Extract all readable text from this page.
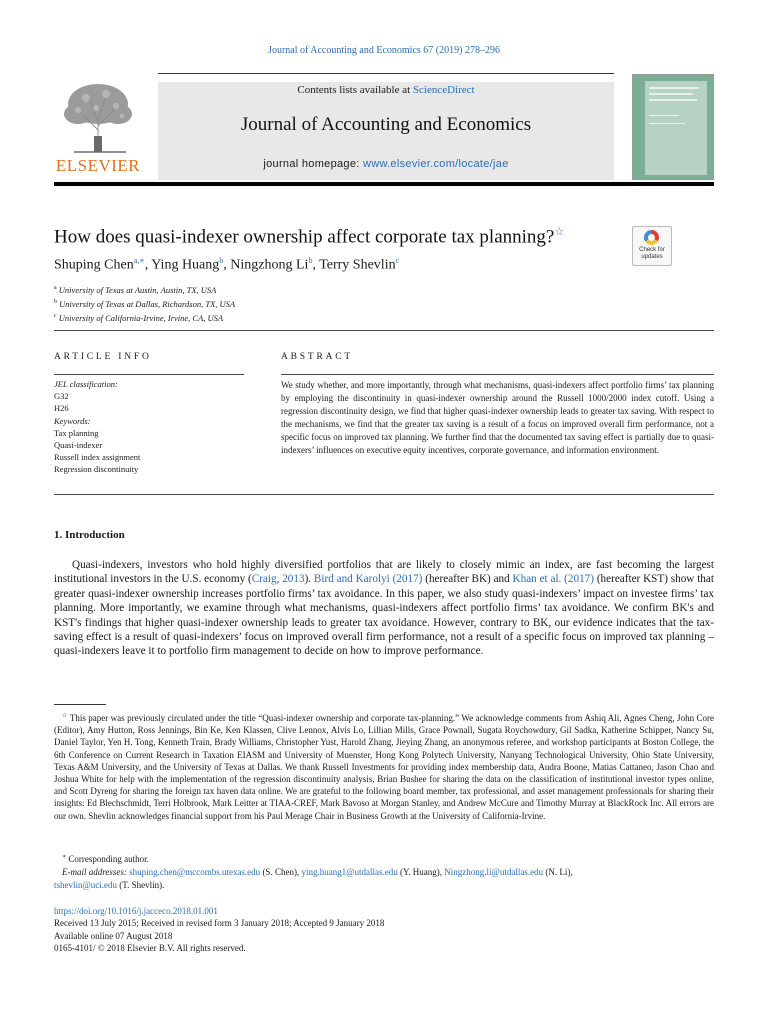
Journal of Accounting and Economics 67 (2019) 278–296
ELSEVIER
Contents lists available at ScienceDirect
Journal of Accounting and Economics
journal homepage: www.elsevier.com/locate/jae
How does quasi-indexer ownership affect corporate tax planning?☆
Check for updates
Shuping Chen$^{a,∗}$, Ying Huang$^b$, Ningzhong Li$^b$, Terry Shevlin$^c$
$^a$ University of Texas at Austin, Austin, TX, USA
$^b$ University of Texas at Dallas, Richardson, TX, USA
$^c$ University of California-Irvine, Irvine, CA, USA
ARTICLE INFO	ABSTRACT
JEL classification:
G32
H26
Keywords:
Tax planning
Quasi-indexer
Russell index assignment
Regression discontinuity
We study whether, and more importantly, through what mechanisms, quasi-indexers affect portfolio firms’ tax planning by employing the discontinuity in quasi-indexer ownership around the Russell 1000/2000 index cutoff. Using a regression discontinuity design, we find that higher quasi-indexer ownership leads to greater tax saving. With respect to the mechanisms, we find that the greater tax saving is a result of a focus on improved overall firm performance, not a specific focus on improved tax planning. We further find that the documented tax saving effect is partially due to quasi-indexers’ influences on executive equity incentives, corporate governance, and information environment.
1. Introduction
Quasi-indexers, investors who hold highly diversified portfolios that are likely to closely mimic an index, are fast becoming the largest institutional investors in the U.S. economy (Craig, 2013). Bird and Karolyi (2017) (hereafter BK) and Khan et al. (2017) (hereafter KST) show that greater quasi-indexer ownership increases portfolio firms’ tax avoidance. In this paper, we also study quasi-indexers’ impact on investee firms’ tax planning. More importantly, we examine through what mechanisms, quasi-indexers affect portfolio firms’ tax avoidance. We confirm BK's and KST's findings that higher quasi-indexer ownership leads to greater tax avoidance. However, contrary to BK, our evidence indicates that the tax-saving effect is a result of quasi-indexers’ focus on improved overall firm performance, not a result of a specific focus on improved tax planning – quasi-indexers leave it to portfolio firm management to decide on how to improve performance.
☆ This paper was previously circulated under the title “Quasi-indexer ownership and corporate tax-planning.” We acknowledge comments from Ashiq Ali, Agnes Cheng, John Core (Editor), Amy Hutton, Ross Jennings, Bin Ke, Ken Klassen, Clive Lennox, Alvis Lo, Lillian Mills, Grace Pownall, Sugata Roychowdury, Gil Sadka, Katherine Schipper, Nancy Su, Daniel Taylor, Yen H. Tong, Kenneth Train, Brady Williams, Christopher Yust, Harold Zhang, Jieying Zhang, an anonymous referee, and workshop participants at Boston College, the 6th Conference on Current Research in Taxation EIASM and University of Muenster, Hong Kong Polytech University, Nanyang Technological University, Ohio State University, Texas A&M University, and the University of Texas at Dallas. We thank Russell Investments for providing index membership data, Audra Boone, Matias Cattaneo, Jason Chao and Joshua White for help with the implementation of the regression discontinuity analysis, Brian Bushee for sharing the data on the classification of institutional investor types online, and Scott Dyreng for sharing the foreign tax haven data online. We are grateful to the following board member, tax professional, and asset management professionals for sharing their insights: Ed Blechschmidt, Terri Holbrook, Mark Leitter at TIAA-CREF, Mark Bavoso at Morgan Stanley, and Andrew McCure and Timothy Murray at BlackRock Inc. All errors are our own. Shevlin acknowledges financial support from his Paul Merage Chair in Business Growth at the University of California-Irvine.
∗ Corresponding author.
E-mail addresses: shuping.chen@mccombs.utexas.edu (S. Chen), ying.huang1@utdallas.edu (Y. Huang), Ningzhong.li@utdallas.edu (N. Li),
tshevlin@uci.edu (T. Shevlin).
https://doi.org/10.1016/j.jacceco.2018.01.001
Received 13 July 2015; Received in revised form 3 January 2018; Accepted 9 January 2018
Available online 07 August 2018
0165-4101/ © 2018 Elsevier B.V. All rights reserved.
